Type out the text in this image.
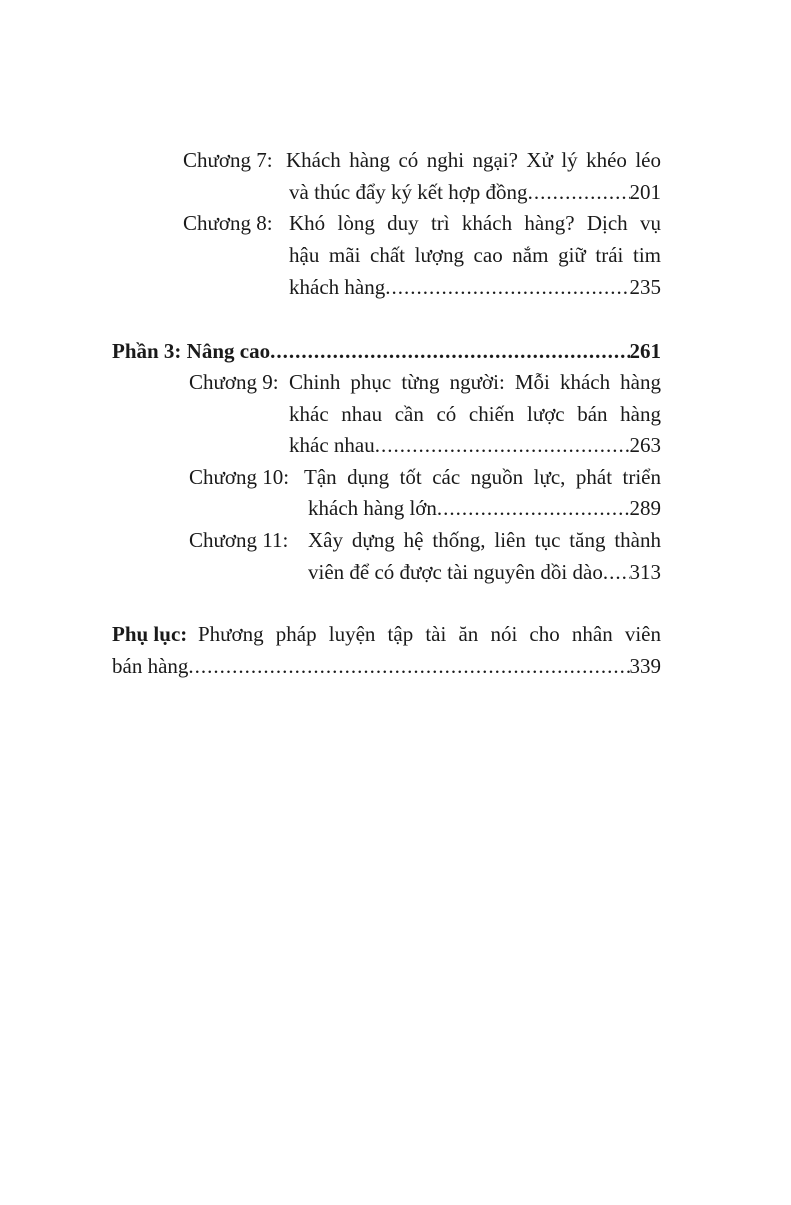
Chương 7: Khách hàng có nghi ngại? Xử lý khéo léo
và thúc đẩy ký kết hợp đồng .....	201
Chương 8: Khó lòng duy trì khách hàng? Dịch vụ
hậu mãi chất lượng cao nắm giữ trái tim
khách hàng .....	235
Phần 3: Nâng cao .....	261
Chương 9: Chinh phục từng người: Mỗi khách hàng
khác nhau cần có chiến lược bán hàng
khác nhau .....	263
Chương 10: Tận dụng tốt các nguồn lực, phát triển
khách hàng lớn .....	289
Chương 11: Xây dựng hệ thống, liên tục tăng thành
viên để có được tài nguyên dồi dào ..... 313
Phụ lục: Phương pháp luyện tập tài ăn nói cho nhân viên
bán hàng .....	339
